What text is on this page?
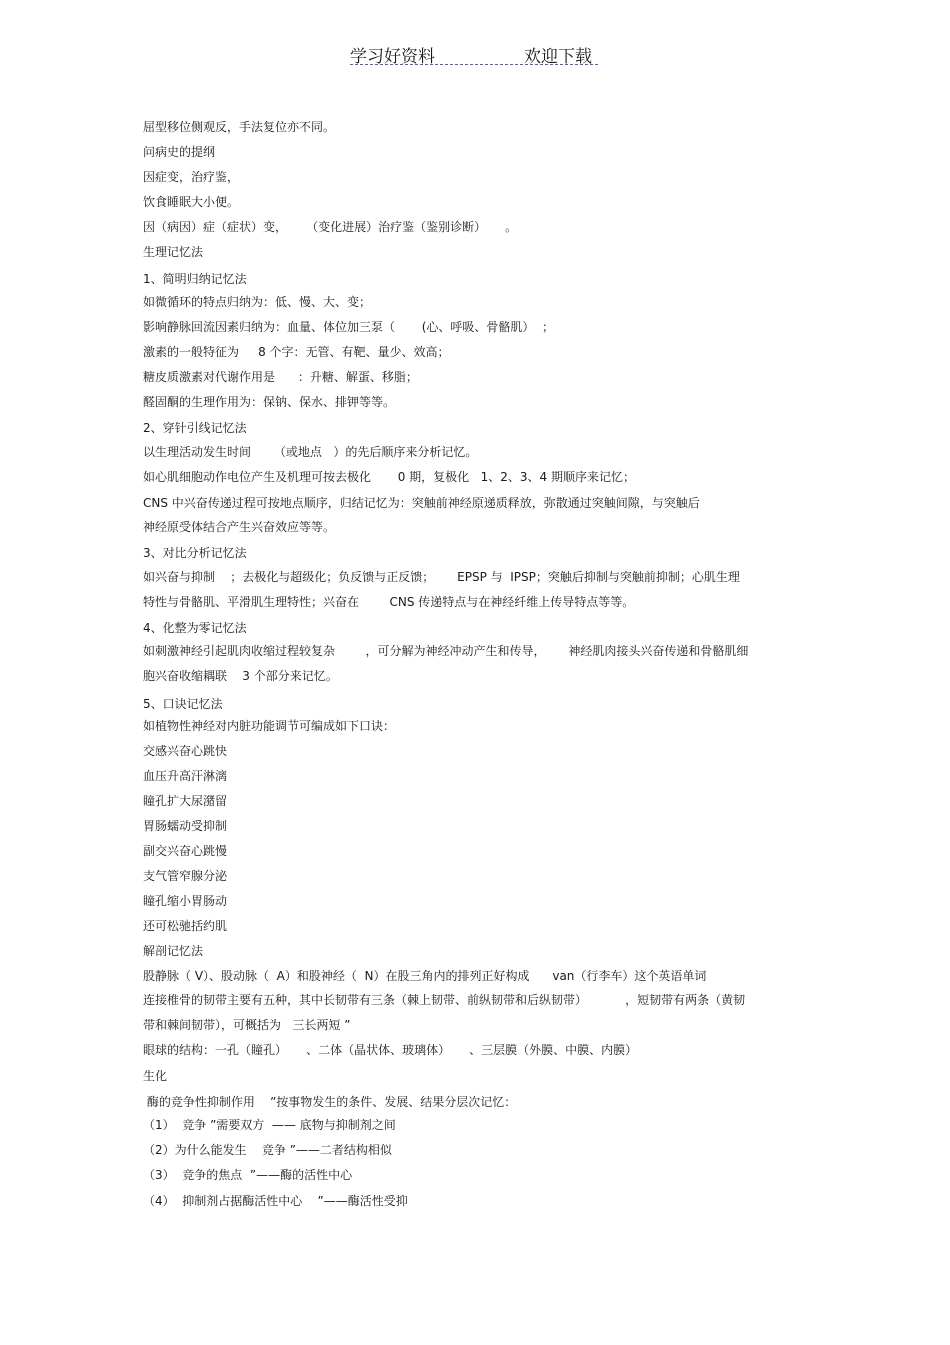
学习好资料	欢迎下载
屈型移位侧观反，手法复位亦不同。
问病史的提纲
因症变，治疗鉴，
饮食睡眠大小便。
因（病因）症（症状）变，     （变化进展）治疗鉴（鉴别诊断）     。
生理记忆法
1、简明归纳记忆法
如微循环的特点归纳为：低、慢、大、变；
影响静脉回流因素归纳为：血量、体位加三泵（       (心、呼吸、骨骼肌）  ；
激素的一般特征为     8 个字：无管、有靶、量少、效高；
糖皮质激素对代谢作用是      ：升糖、解蛋、移脂；
醛固酮的生理作用为：保钠、保水、排钾等等。
2、穿针引线记忆法
以生理活动发生时间      （或地点   ）的先后顺序来分析记忆。
如心肌细胞动作电位产生及机理可按去极化       0 期，复极化   1、2、3、4 期顺序来记忆；
CNS 中兴奋传递过程可按地点顺序，归结记忆为：突触前神经原递质释放，弥散通过突触间隙，与突触后
神经原受体结合产生兴奋效应等等。
3、对比分析记忆法
如兴奋与抑制    ；去极化与超级化；负反馈与正反馈；      EPSP 与  IPSP；突触后抑制与突触前抑制；心肌生理
特性与骨骼肌、平滑肌生理特性；兴奋在        CNS 传递特点与在神经纤维上传导特点等等。
4、化整为零记忆法
如刺激神经引起肌肉收缩过程较复杂        ，可分解为神经冲动产生和传导，      神经肌肉接头兴奋传递和骨骼肌细
胞兴奋收缩耦联    3 个部分来记忆。
5、口诀记忆法
如植物性神经对内脏功能调节可编成如下口诀：
交感兴奋心跳快
血压升高汗淋漓
瞳孔扩大尿潴留
胃肠蠕动受抑制
副交兴奋心跳慢
支气管窄腺分泌
瞳孔缩小胃肠动
还可松驰括约肌
解剖记忆法
股静脉（ V）、股动脉（  A）和股神经（  N）在股三角内的排列正好构成      van（行李车）这个英语单词
连接椎骨的韧带主要有五种，其中长韧带有三条（棘上韧带、前纵韧带和后纵韧带）          ，短韧带有两条（黄韧
带和棘间韧带），可概括为   三长两短 ”
眼球的结构：一孔（瞳孔）     、二体（晶状体、玻璃体）     、三层膜（外膜、中膜、内膜）
生化
酶的竞争性抑制作用    ”按事物发生的条件、发展、结果分层次记忆：
（1）  竞争 ”需要双方  —— 底物与抑制剂之间
（2）为什么能发生    竞争 ”——二者结构相似
（3）  竞争的焦点  ”——酶的活性中心
（4）  抑制剂占据酶活性中心    ”——酶活性受抑
